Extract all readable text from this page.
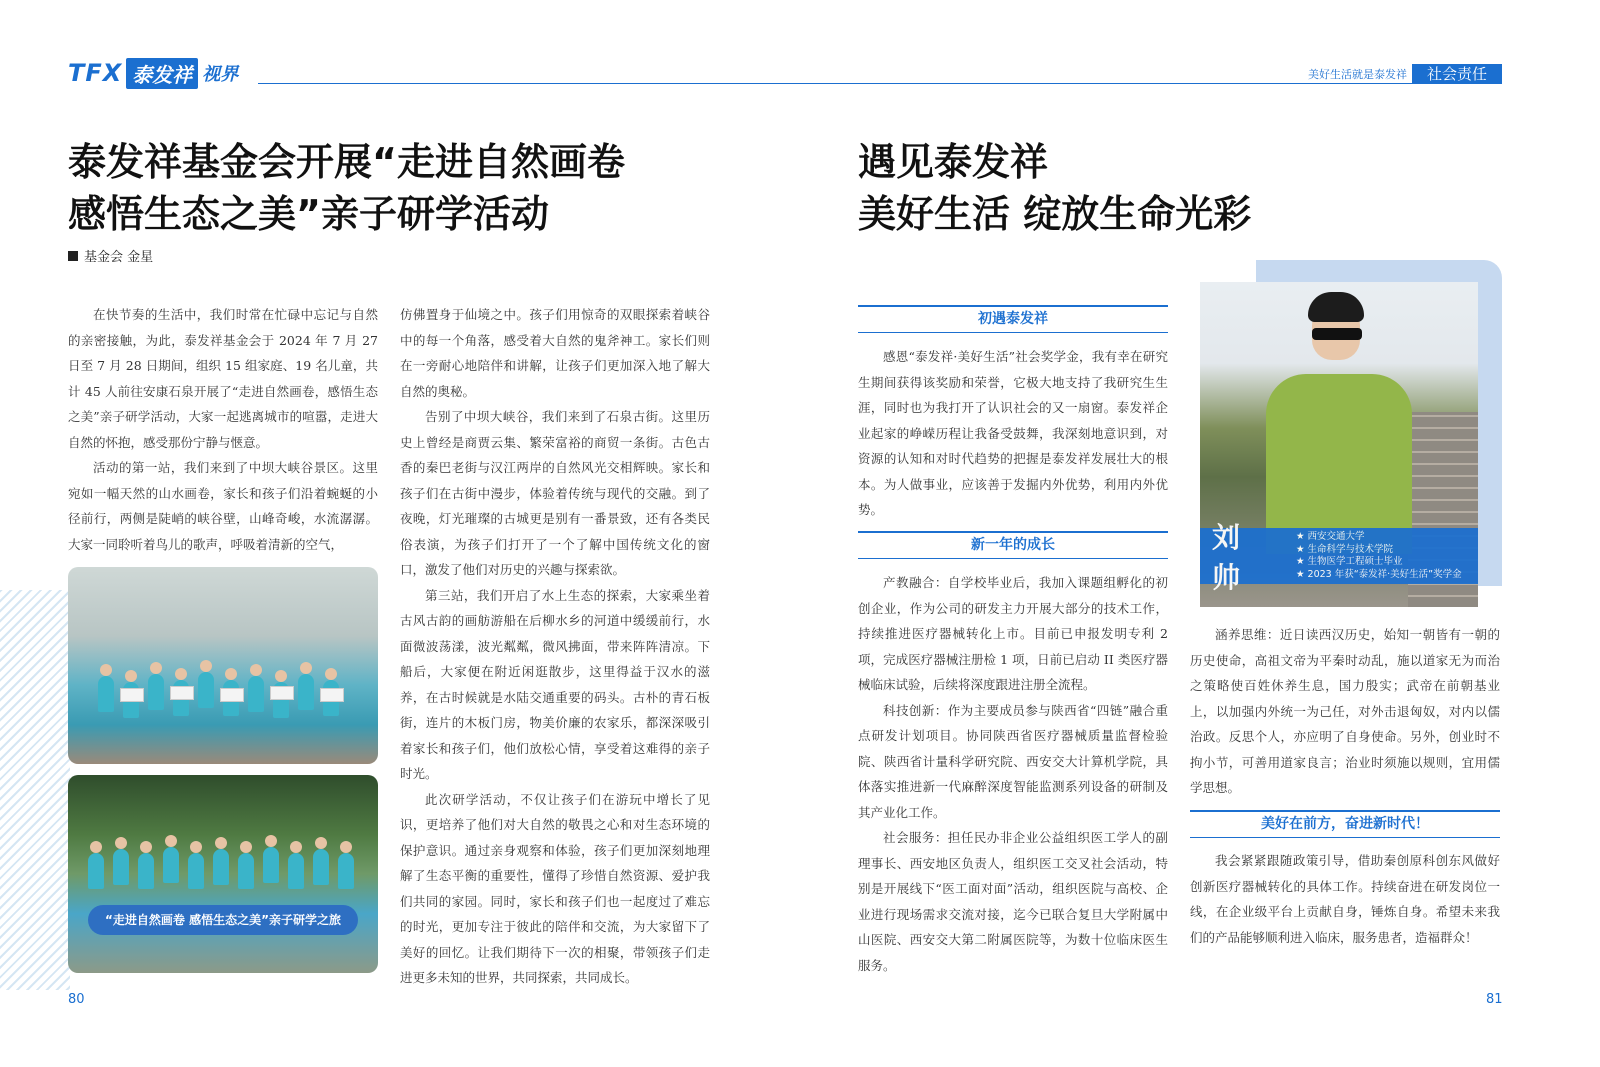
TFX 泰发祥 视界	美好生活就是泰发祥	社会责任
泰发祥基金会开展“走进自然画卷
感悟生态之美”亲子研学活动
基金会 金星

在快节奏的生活中，我们时常在忙碌中忘记与自然的亲密接触，为此，泰发祥基金会于 2024 年 7 月 27 日至 7 月 28 日期间，组织 15 组家庭、19 名儿童，共计 45 人前往安康石泉开展了“走进自然画卷，感悟生态之美”亲子研学活动，大家一起逃离城市的喧嚣，走进大自然的怀抱，感受那份宁静与惬意。

活动的第一站，我们来到了中坝大峡谷景区。这里宛如一幅天然的山水画卷，家长和孩子们沿着蜿蜒的小径前行，两侧是陡峭的峡谷壁，山峰奇峻，水流潺潺。大家一同聆听着鸟儿的歌声，呼吸着清新的空气，

“走进自然画卷 感悟生态之美”亲子研学之旅

仿佛置身于仙境之中。孩子们用惊奇的双眼探索着峡谷中的每一个角落，感受着大自然的鬼斧神工。家长们则在一旁耐心地陪伴和讲解，让孩子们更加深入地了解大自然的奥秘。

告别了中坝大峡谷，我们来到了石泉古街。这里历史上曾经是商贾云集、繁荣富裕的商贸一条街。古色古香的秦巴老街与汉江两岸的自然风光交相辉映。家长和孩子们在古街中漫步，体验着传统与现代的交融。到了夜晚，灯光璀璨的古城更是别有一番景致，还有各类民俗表演，为孩子们打开了一个了解中国传统文化的窗口，激发了他们对历史的兴趣与探索欲。

第三站，我们开启了水上生态的探索，大家乘坐着古风古韵的画舫游船在后柳水乡的河道中缓缓前行，水面微波荡漾，波光粼粼，微风拂面，带来阵阵清凉。下船后，大家便在附近闲逛散步，这里得益于汉水的滋养，在古时候就是水陆交通重要的码头。古朴的青石板街，连片的木板门房，物美价廉的农家乐，都深深吸引着家长和孩子们，他们放松心情，享受着这难得的亲子时光。

此次研学活动，不仅让孩子们在游玩中增长了见识，更培养了他们对大自然的敬畏之心和对生态环境的保护意识。通过亲身观察和体验，孩子们更加深刻地理解了生态平衡的重要性，懂得了珍惜自然资源、爱护我们共同的家园。同时，家长和孩子们也一起度过了难忘的时光，更加专注于彼此的陪伴和交流，为大家留下了美好的回忆。让我们期待下一次的相聚，带领孩子们走进更多未知的世界，共同探索，共同成长。

80
遇见泰发祥
美好生活 绽放生命光彩
初遇泰发祥

感恩“泰发祥·美好生活”社会奖学金，我有幸在研究生期间获得该奖励和荣誉，它极大地支持了我研究生生涯，同时也为我打开了认识社会的又一扇窗。泰发祥企业起家的峥嵘历程让我备受鼓舞，我深刻地意识到，对资源的认知和对时代趋势的把握是泰发祥发展壮大的根本。为人做事业，应该善于发掘内外优势，利用内外优势。

新一年的成长

产教融合：自学校毕业后，我加入课题组孵化的初创企业，作为公司的研发主力开展大部分的技术工作，持续推进医疗器械转化上市。目前已申报发明专利 2 项，完成医疗器械注册检 1 项，日前已启动 II 类医疗器械临床试验，后续将深度跟进注册全流程。

科技创新：作为主要成员参与陕西省“四链”融合重点研发计划项目。协同陕西省医疗器械质量监督检验院、陕西省计量科学研究院、西安交大计算机学院，具体落实推进新一代麻醉深度智能监测系列设备的研制及其产业化工作。

社会服务：担任民办非企业公益组织医工学人的副理事长、西安地区负责人，组织医工交叉社会活动，特别是开展线下“医工面对面”活动，组织医院与高校、企业进行现场需求交流对接，迄今已联合复旦大学附属中山医院、西安交大第二附属医院等，为数十位临床医生服务。

刘 帅
★ 西安交通大学
★ 生命科学与技术学院
★ 生物医学工程硕士毕业
★ 2023 年获“泰发祥·美好生活”奖学金

涵养思维：近日读西汉历史，始知一朝皆有一朝的历史使命，高祖文帝为平秦时动乱，施以道家无为而治之策略使百姓休养生息，国力殷实；武帝在前朝基业上，以加强内外统一为己任，对外击退匈奴，对内以儒治政。反思个人，亦应明了自身使命。另外，创业时不拘小节，可善用道家良言；治业时须施以规则，宜用儒学思想。

美好在前方，奋进新时代！

我会紧紧跟随政策引导，借助秦创原科创东风做好创新医疗器械转化的具体工作。持续奋进在研发岗位一线，在企业级平台上贡献自身，锤炼自身。希望未来我们的产品能够顺利进入临床，服务患者，造福群众！

81
